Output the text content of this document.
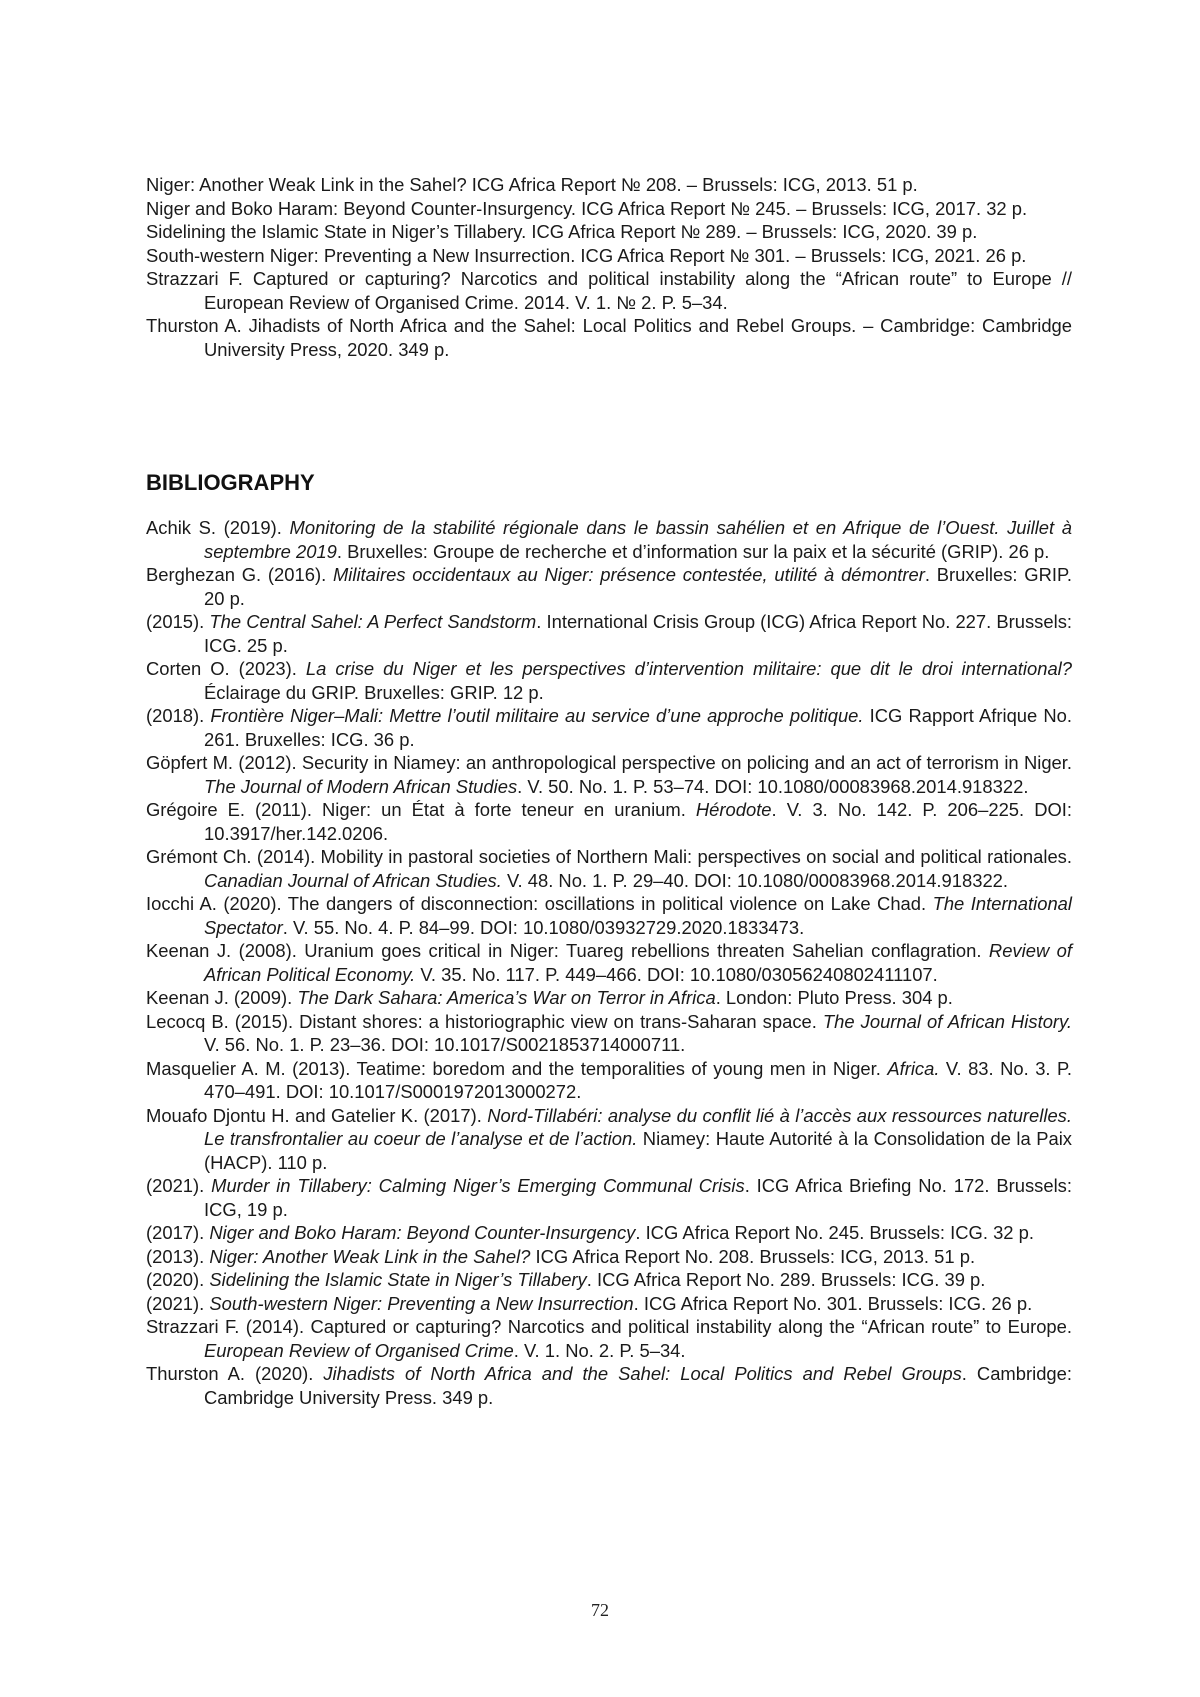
Niger: Another Weak Link in the Sahel? ICG Africa Report № 208. – Brussels: ICG, 2013. 51 p.

Niger and Boko Haram: Beyond Counter-Insurgency. ICG Africa Report № 245. – Brussels: ICG, 2017. 32 p.

Sidelining the Islamic State in Niger’s Tillabery. ICG Africa Report № 289. – Brussels: ICG, 2020. 39 p.

South-western Niger: Preventing a New Insurrection. ICG Africa Report № 301. – Brussels: ICG, 2021. 26 p.

Strazzari F. Captured or capturing? Narcotics and political instability along the “African route” to Europe // European Review of Organised Crime. 2014. V. 1. № 2. P. 5–34.

Thurston A. Jihadists of North Africa and the Sahel: Local Politics and Rebel Groups. – Cambridge: Cambridge University Press, 2020. 349 p.

BIBLIOGRAPHY

Achik S. (2019). Monitoring de la stabilité régionale dans le bassin sahélien et en Afrique de l’Ouest. Juillet à septembre 2019. Bruxelles: Groupe de recherche et d’information sur la paix et la sécurité (GRIP). 26 p.

Berghezan G. (2016). Militaires occidentaux au Niger: présence contestée, utilité à démontrer. Bruxelles: GRIP. 20 p.

(2015). The Central Sahel: A Perfect Sandstorm. International Crisis Group (ICG) Africa Report No. 227. Brussels: ICG. 25 p.

Corten O. (2023). La crise du Niger et les perspectives d’intervention militaire: que dit le droi international? Éclairage du GRIP. Bruxelles: GRIP. 12 p.

(2018). Frontière Niger–Mali: Mettre l’outil militaire au service d’une approche politique. ICG Rapport Afrique No. 261. Bruxelles: ICG. 36 p.

Göpfert M. (2012). Security in Niamey: an anthropological perspective on policing and an act of terrorism in Niger. The Journal of Modern African Studies. V. 50. No. 1. P. 53–74. DOI: 10.1080/00083968.2014.918322.

Grégoire E. (2011). Niger: un État à forte teneur en uranium. Hérodote. V. 3. No. 142. P. 206–225. DOI: 10.3917/her.142.0206.

Grémont Ch. (2014). Mobility in pastoral societies of Northern Mali: perspectives on social and political rationales. Canadian Journal of African Studies. V. 48. No. 1. P. 29–40. DOI: 10.1080/00083968.2014.918322.

Iocchi A. (2020). The dangers of disconnection: oscillations in political violence on Lake Chad. The International Spectator. V. 55. No. 4. P. 84–99. DOI: 10.1080/03932729.2020.1833473.

Keenan J. (2008). Uranium goes critical in Niger: Tuareg rebellions threaten Sahelian conflagration. Review of African Political Economy. V. 35. No. 117. P. 449–466. DOI: 10.1080/03056240802411107.

Keenan J. (2009). The Dark Sahara: America’s War on Terror in Africa. London: Pluto Press. 304 p.

Lecocq B. (2015). Distant shores: a historiographic view on trans-Saharan space. The Journal of African History. V. 56. No. 1. P. 23–36. DOI: 10.1017/S0021853714000711.

Masquelier A. M. (2013). Teatime: boredom and the temporalities of young men in Niger. Africa. V. 83. No. 3. P. 470–491. DOI: 10.1017/S0001972013000272.

Mouafo Djontu H. and Gatelier K. (2017). Nord-Tillabéri: analyse du conflit lié à l’accès aux ressources naturelles. Le transfrontalier au coeur de l’analyse et de l’action. Niamey: Haute Autorité à la Consolidation de la Paix (HACP). 110 p.

(2021). Murder in Tillabery: Calming Niger’s Emerging Communal Crisis. ICG Africa Briefing No. 172. Brussels: ICG, 19 p.

(2017). Niger and Boko Haram: Beyond Counter-Insurgency. ICG Africa Report No. 245. Brussels: ICG. 32 p.

(2013). Niger: Another Weak Link in the Sahel? ICG Africa Report No. 208. Brussels: ICG, 2013. 51 p.

(2020). Sidelining the Islamic State in Niger’s Tillabery. ICG Africa Report No. 289. Brussels: ICG. 39 p.

(2021). South-western Niger: Preventing a New Insurrection. ICG Africa Report No. 301. Brussels: ICG. 26 p.

Strazzari F. (2014). Captured or capturing? Narcotics and political instability along the “African route” to Europe. European Review of Organised Crime. V. 1. No. 2. P. 5–34.

Thurston A. (2020). Jihadists of North Africa and the Sahel: Local Politics and Rebel Groups. Cambridge: Cambridge University Press. 349 p.

72
